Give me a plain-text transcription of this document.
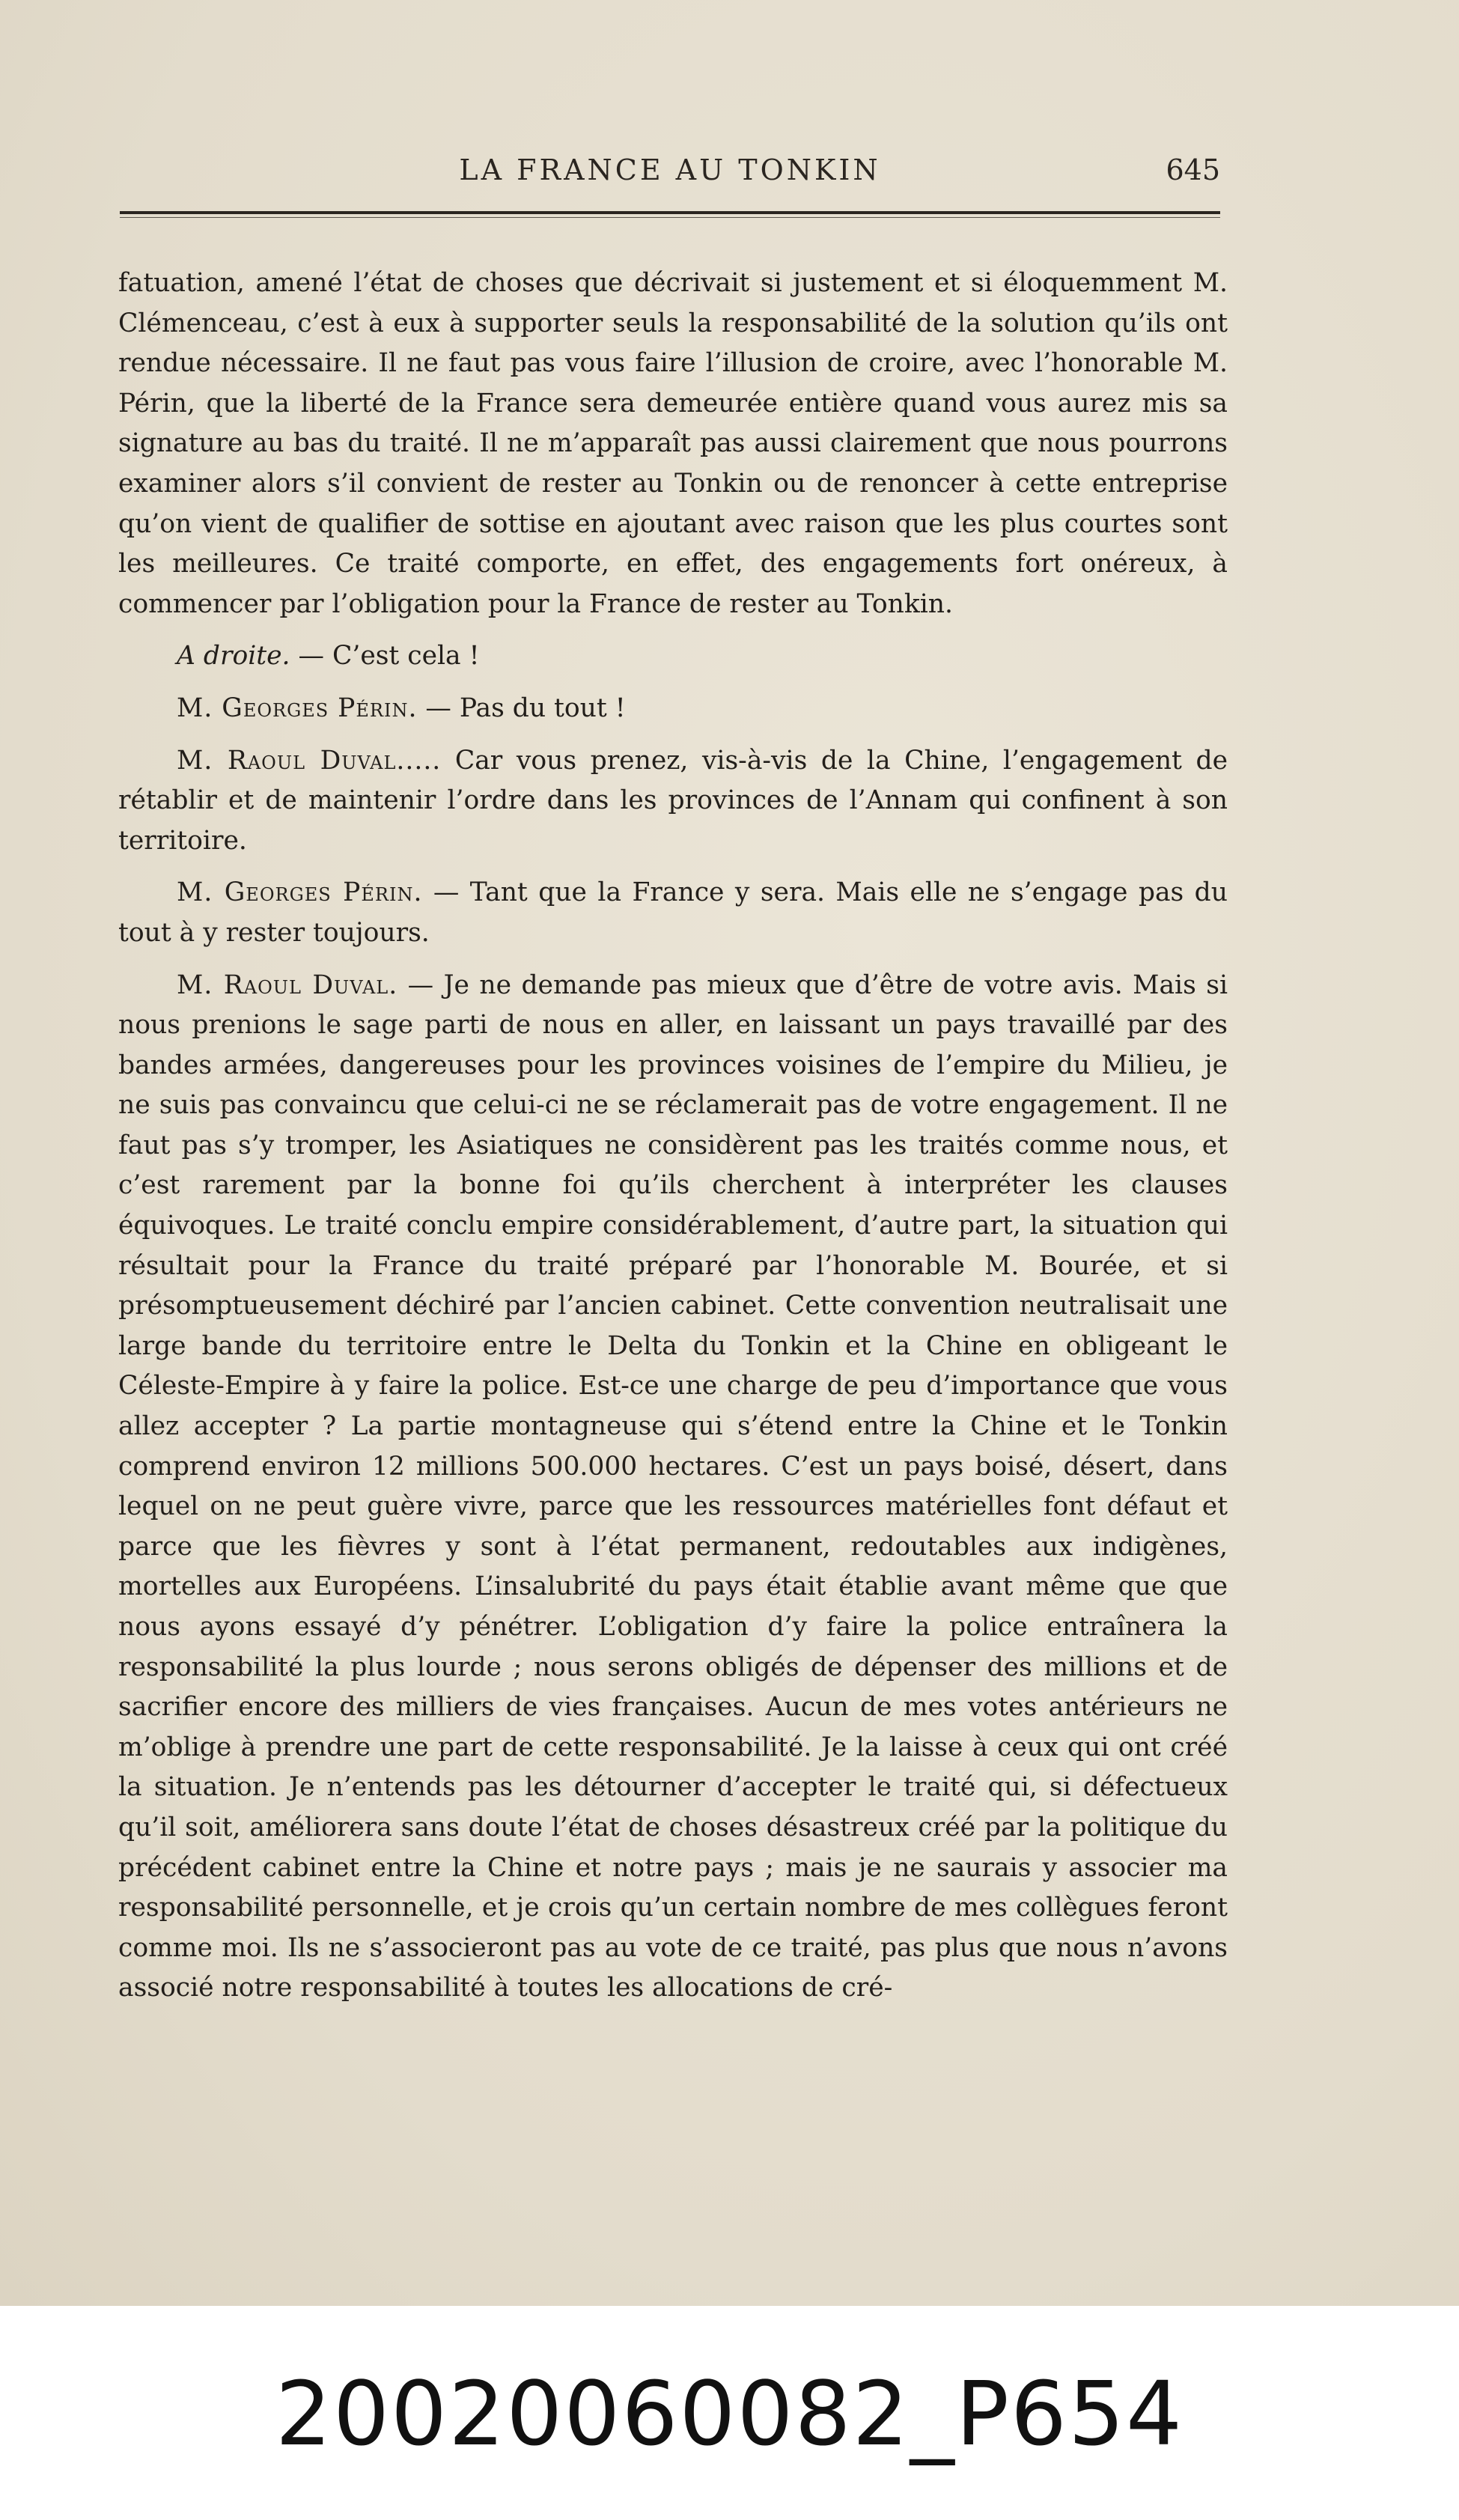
LA FRANCE AU TONKIN	645

fatuation, amené l’état de choses que décrivait si justement et si éloquemment M. Clémenceau, c’est à eux à supporter seuls la responsabilité de la solution qu’ils ont rendue nécessaire. Il ne faut pas vous faire l’illusion de croire, avec l’honorable M. Périn, que la liberté de la France sera demeurée entière quand vous aurez mis sa signature au bas du traité. Il ne m’apparaît pas aussi clairement que nous pourrons examiner alors s’il convient de rester au Tonkin ou de renoncer à cette entreprise qu’on vient de qualifier de sottise en ajoutant avec raison que les plus courtes sont les meilleures. Ce traité comporte, en effet, des engagements fort onéreux, à commencer par l’obligation pour la France de rester au Tonkin.

A droite. — C’est cela !

M. Georges Périn. — Pas du tout !

M. Raoul Duval..... Car vous prenez, vis-à-vis de la Chine, l’engagement de rétablir et de maintenir l’ordre dans les provinces de l’Annam qui confinent à son territoire.

M. Georges Périn. — Tant que la France y sera. Mais elle ne s’engage pas du tout à y rester toujours.

M. Raoul Duval. — Je ne demande pas mieux que d’être de votre avis. Mais si nous prenions le sage parti de nous en aller, en laissant un pays travaillé par des bandes armées, dangereuses pour les provinces voisines de l’empire du Milieu, je ne suis pas convaincu que celui-ci ne se réclamerait pas de votre engagement. Il ne faut pas s’y tromper, les Asiatiques ne considèrent pas les traités comme nous, et c’est rarement par la bonne foi qu’ils cherchent à interpréter les clauses équivoques. Le traité conclu empire considérablement, d’autre part, la situation qui résultait pour la France du traité préparé par l’honorable M. Bourée, et si présomptueusement déchiré par l’ancien cabinet. Cette convention neutralisait une large bande du territoire entre le Delta du Tonkin et la Chine en obligeant le Céleste-Empire à y faire la police. Est-ce une charge de peu d’importance que vous allez accepter ? La partie montagneuse qui s’étend entre la Chine et le Tonkin comprend environ 12 millions 500.000 hectares. C’est un pays boisé, désert, dans lequel on ne peut guère vivre, parce que les ressources matérielles font défaut et parce que les fièvres y sont à l’état permanent, redoutables aux indigènes, mortelles aux Européens. L’insalubrité du pays était établie avant même que que nous ayons essayé d’y pénétrer. L’obligation d’y faire la police entraînera la responsabilité la plus lourde ; nous serons obligés de dépenser des millions et de sacrifier encore des milliers de vies françaises. Aucun de mes votes antérieurs ne m’oblige à prendre une part de cette responsabilité. Je la laisse à ceux qui ont créé la situation. Je n’entends pas les détourner d’accepter le traité qui, si défectueux qu’il soit, améliorera sans doute l’état de choses désastreux créé par la politique du précédent cabinet entre la Chine et notre pays ; mais je ne saurais y associer ma responsabilité personnelle, et je crois qu’un certain nombre de mes collègues feront comme moi. Ils ne s’associeront pas au vote de ce traité, pas plus que nous n’avons associé notre responsabilité à toutes les allocations de cré-

20020060082_P654
